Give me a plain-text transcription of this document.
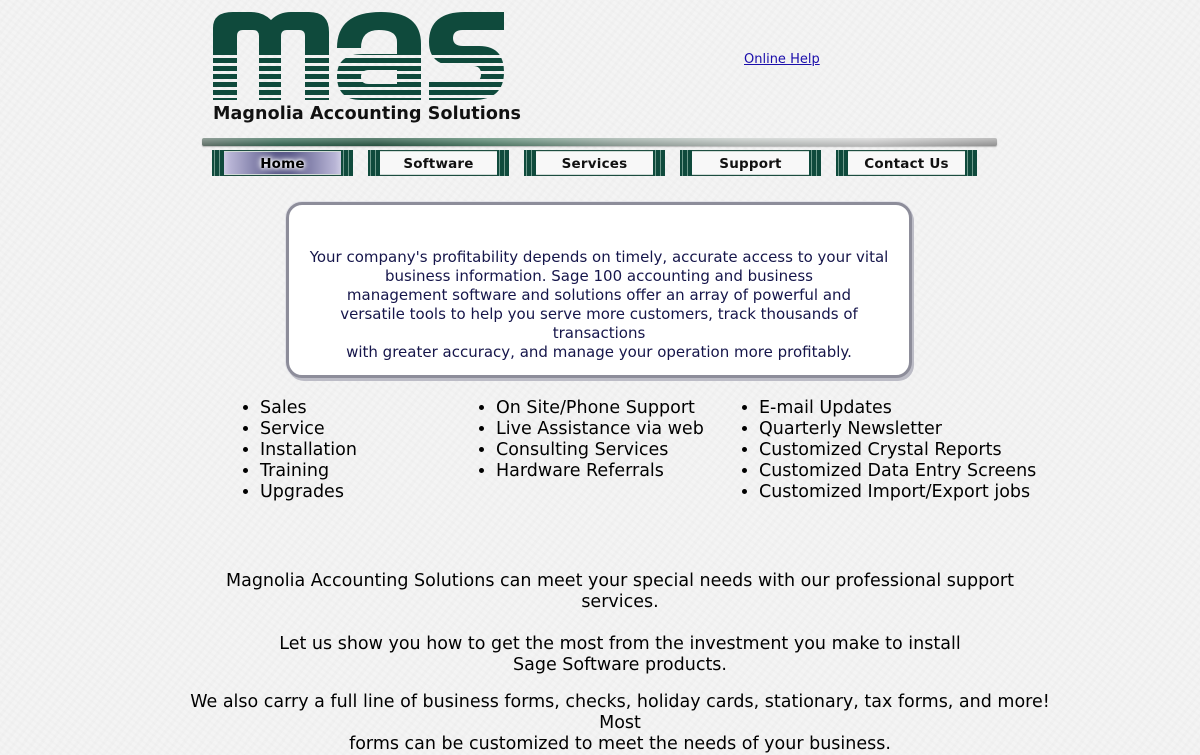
Magnolia Accounting Solutions
Online Help
Home	Software	Services	Support	Contact Us
Your company's profitability depends on timely, accurate access to your vital
business information. Sage 100 accounting and business
management software and solutions offer an array of powerful and
versatile tools to help you serve more customers, track thousands of transactions
with greater accuracy, and manage your operation more profitably.
• Sales
• Service
• Installation
• Training
• Upgrades
• On Site/Phone Support
• Live Assistance via web
• Consulting Services
• Hardware Referrals
• E-mail Updates
• Quarterly Newsletter
• Customized Crystal Reports
• Customized Data Entry Screens
• Customized Import/Export jobs
Magnolia Accounting Solutions can meet your special needs with our professional support services.
Let us show you how to get the most from the investment you make to install
Sage Software products.
We also carry a full line of business forms, checks, holiday cards, stationary, tax forms, and more! Most
forms can be customized to meet the needs of your business.
